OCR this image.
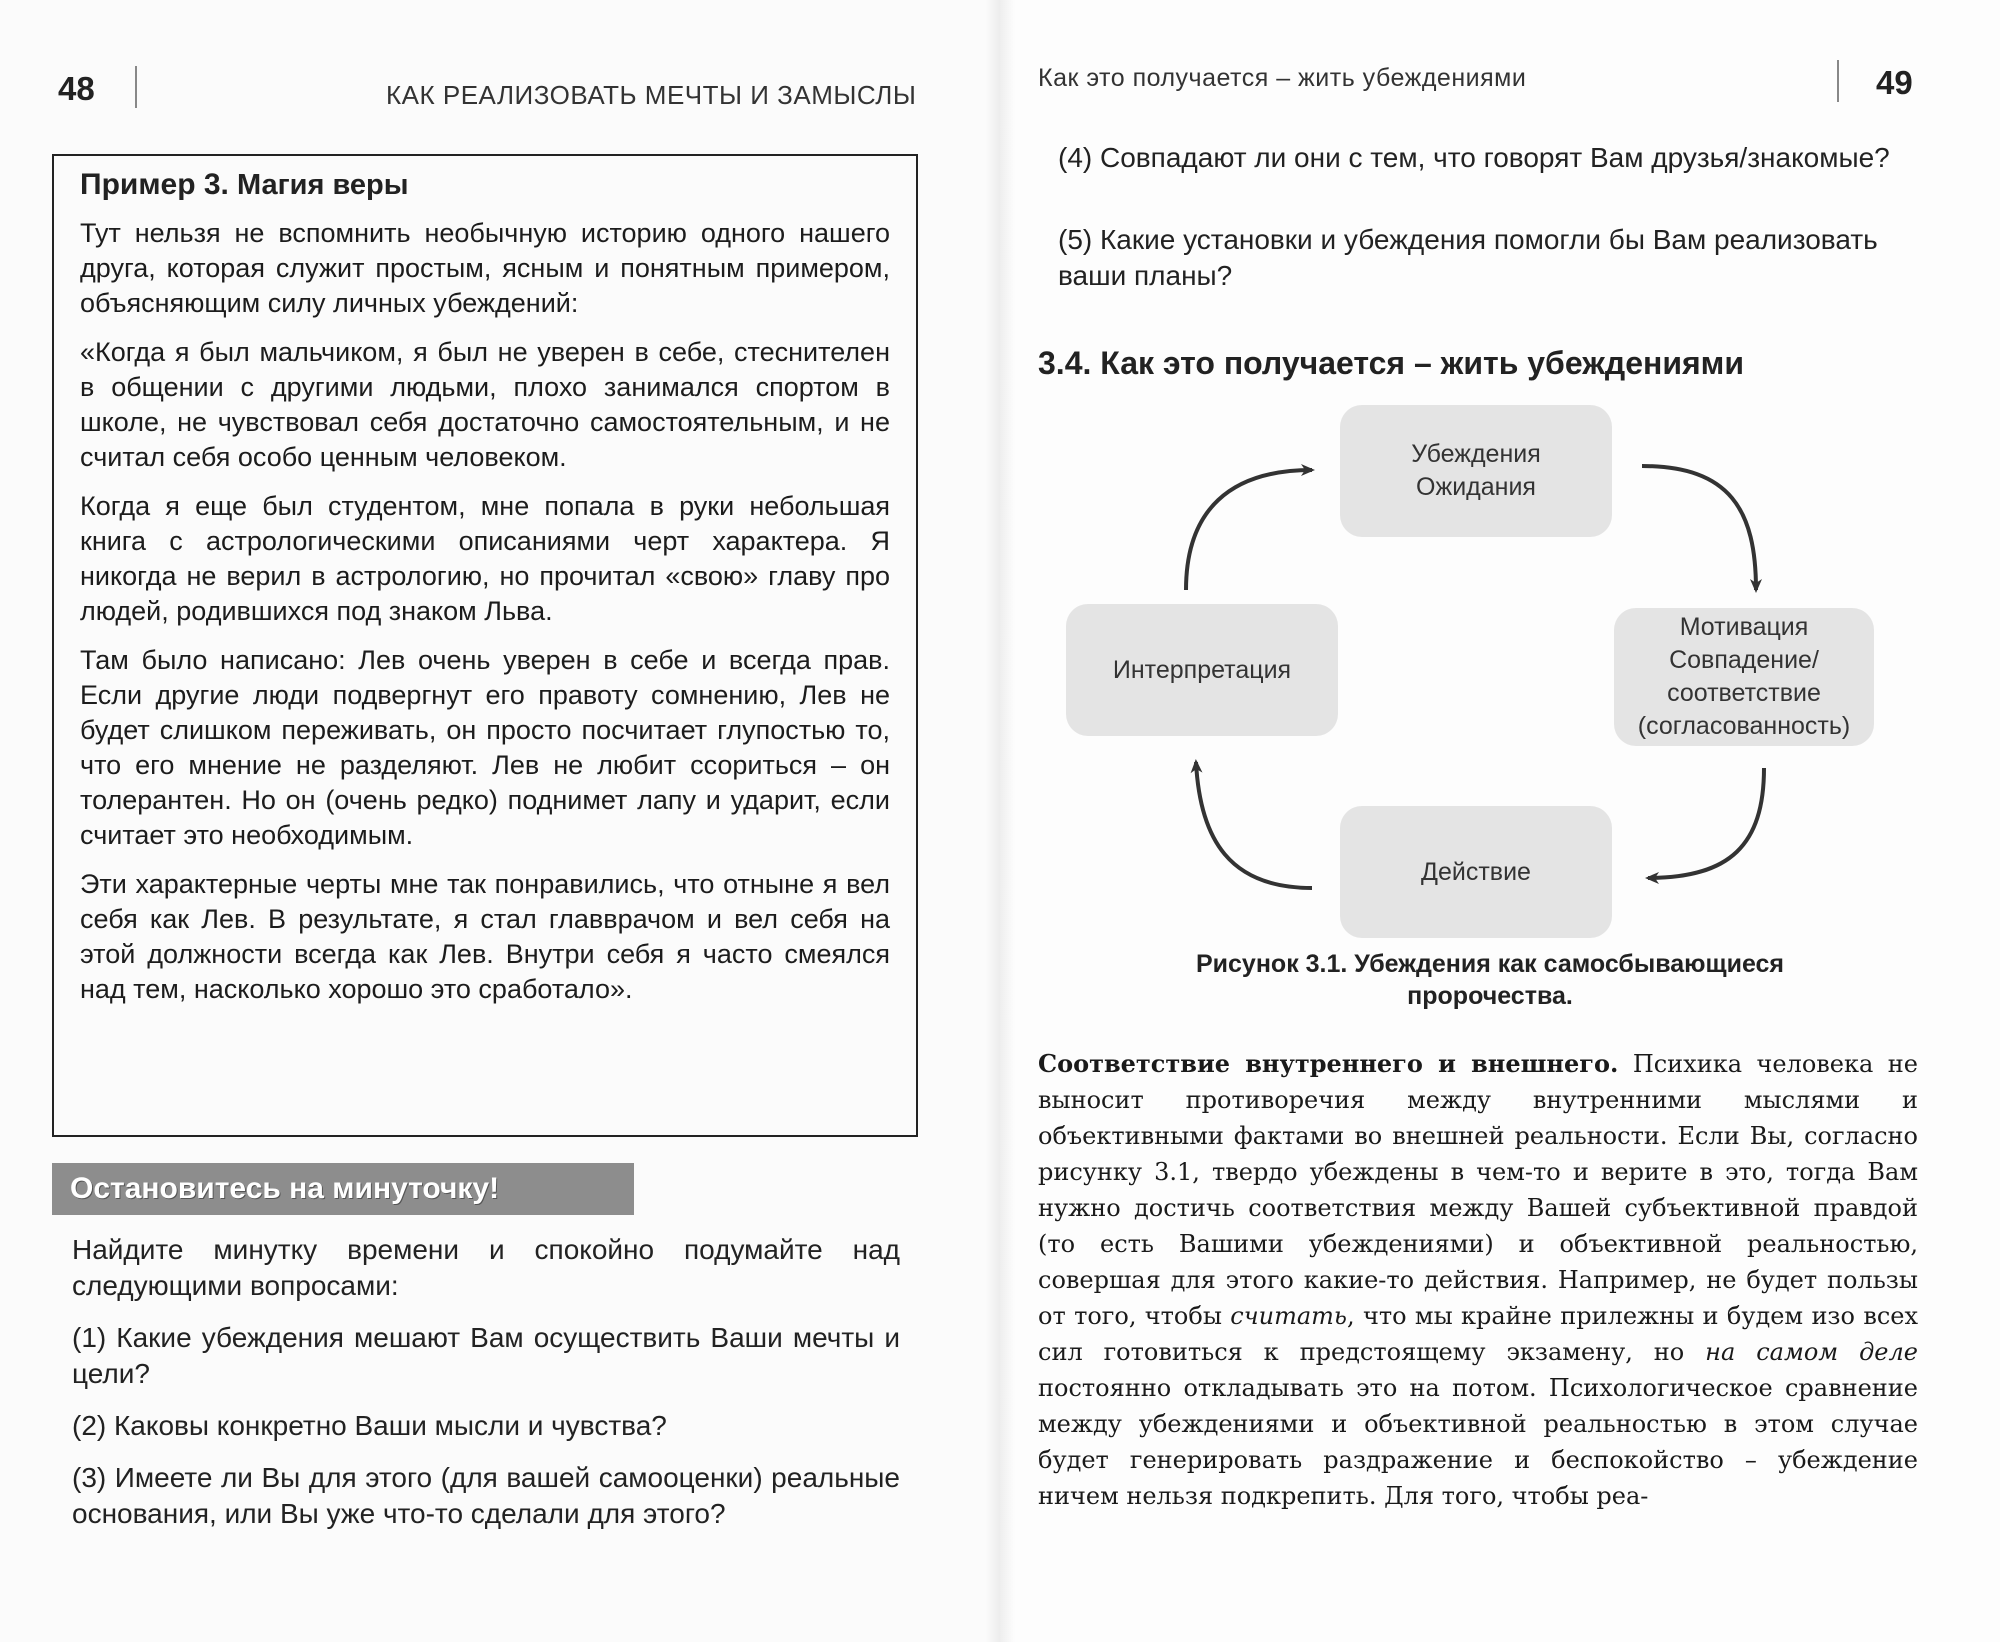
48	КАК РЕАЛИЗОВАТЬ МЕЧТЫ И ЗАМЫСЛЫ
Пример 3. Магия веры

Тут нельзя не вспомнить необычную историю одного нашего друга, которая служит простым, ясным и понятным примером, объясняющим силу личных убеждений:

«Когда я был мальчиком, я был не уверен в себе, стеснителен в общении с другими людьми, плохо занимался спортом в школе, не чувствовал себя достаточно самостоятельным, и не считал себя особо ценным человеком.

Когда я еще был студентом, мне попала в руки небольшая книга с астрологическими описаниями черт характера. Я никогда не верил в астрологию, но прочитал «свою» главу про людей, родившихся под знаком Льва.

Там было написано: Лев очень уверен в себе и всегда прав. Если другие люди подвергнут его правоту сомнению, Лев не будет слишком переживать, он просто посчитает глупостью то, что его мнение не разделяют. Лев не любит ссориться – он толерантен. Но он (очень редко) поднимет лапу и ударит, если считает это необходимым.

Эти характерные черты мне так понравились, что отныне я вел себя как Лев. В результате, я стал главврачом и вел себя на этой должности всегда как Лев. Внутри себя я часто смеялся над тем, насколько хорошо это сработало».

Остановитесь на минуточку!
Найдите минутку времени и спокойно подумайте над следующими вопросами:
(1) Какие убеждения мешают Вам осуществить Ваши мечты и цели?
(2) Каковы конкретно Ваши мысли и чувства?
(3) Имеете ли Вы для этого (для вашей самооценки) реальные основания, или Вы уже что-то сделали для этого?
Как это получается – жить убеждениями	49
(4) Совпадают ли они с тем, что говорят Вам друзья/знакомые?
(5) Какие установки и убеждения помогли бы Вам реализовать ваши планы?
3.4. Как это получается – жить убеждениями
Убеждения
Ожидания
Мотивация
Совпадение/
соответствие
(согласованность)
Действие
Интерпретация
Рисунок 3.1. Убеждения как самосбывающиеся
пророчества.

Соответствие внутреннего и внешнего. Психика человека не выносит противоречия между внутренними мыслями и объективными фактами во внешней реальности. Если Вы, согласно рисунку 3.1, твердо убеждены в чем-то и верите в это, тогда Вам нужно достичь соответствия между Вашей субъективной правдой (то есть Вашими убеждениями) и объективной реальностью, совершая для этого какие-то действия. Например, не будет пользы от того, чтобы считать, что мы крайне прилежны и будем изо всех сил готовиться к предстоящему экзамену, но на самом деле постоянно откладывать это на потом. Психологическое сравнение между убеждениями и объективной реальностью в этом случае будет генерировать раздражение и беспокойство – убеждение ничем нельзя подкрепить. Для того, чтобы реа-
